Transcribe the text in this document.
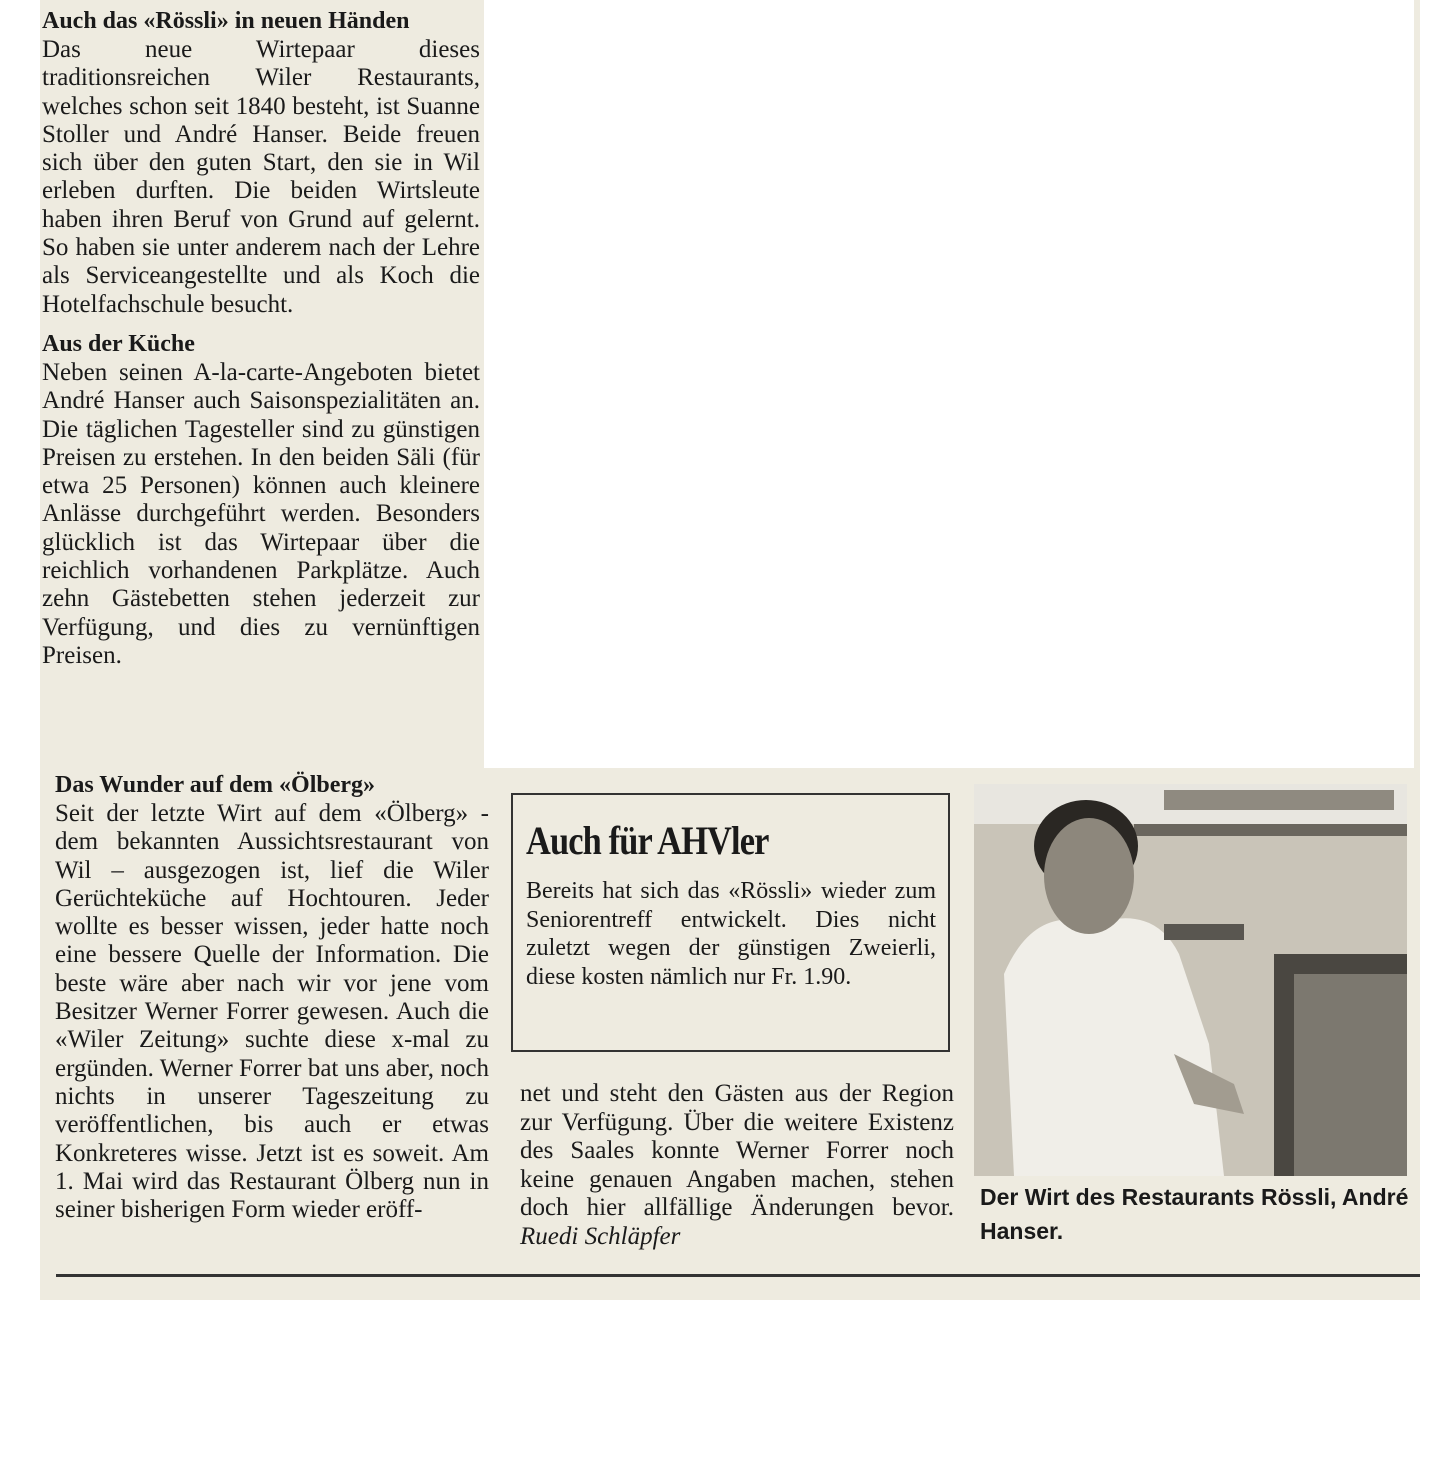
Auch das «Rössli» in neuen Händen

Das neue Wirtepaar dieses traditionsreichen Wiler Restaurants, welches schon seit 1840 besteht, ist Suanne Stoller und André Hanser. Beide freuen sich über den guten Start, den sie in Wil erleben durften. Die beiden Wirtsleute haben ihren Beruf von Grund auf gelernt. So haben sie unter anderem nach der Lehre als Serviceangestellte und als Koch die Hotelfachschule besucht.

Aus der Küche

Neben seinen A-la-carte-Angeboten bietet André Hanser auch Saisonspezialitäten an. Die täglichen Tagesteller sind zu günstigen Preisen zu erstehen. In den beiden Säli (für etwa 25 Personen) können auch kleinere Anlässe durchgeführt werden. Besonders glücklich ist das Wirtepaar über die reichlich vorhandenen Parkplätze. Auch zehn Gästebetten stehen jederzeit zur Verfügung, und dies zu vernünftigen Preisen.

Das Wunder auf dem «Ölberg»

Seit der letzte Wirt auf dem «Ölberg» - dem bekannten Aussichtsrestaurant von Wil – ausgezogen ist, lief die Wiler Gerüchteküche auf Hochtouren. Jeder wollte es besser wissen, jeder hatte noch eine bessere Quelle der Information. Die beste wäre aber nach wir vor jene vom Besitzer Werner Forrer gewesen. Auch die «Wiler Zeitung» suchte diese x-mal zu ergünden. Werner Forrer bat uns aber, noch nichts in unserer Tageszeitung zu veröffentlichen, bis auch er etwas Konkreteres wisse. Jetzt ist es soweit. Am 1. Mai wird das Restaurant Ölberg nun in seiner bisherigen Form wieder eröff-

Auch für AHVler

Bereits hat sich das «Rössli» wieder zum Seniorentreff entwickelt. Dies nicht zuletzt wegen der günstigen Zweierli, diese kosten nämlich nur Fr. 1.90.

net und steht den Gästen aus der Region zur Verfügung. Über die weitere Existenz des Saales konnte Werner Forrer noch keine genauen Angaben machen, stehen doch hier allfällige Änderungen bevor. Ruedi Schläpfer

Der Wirt des Restaurants Rössli, André Hanser.
